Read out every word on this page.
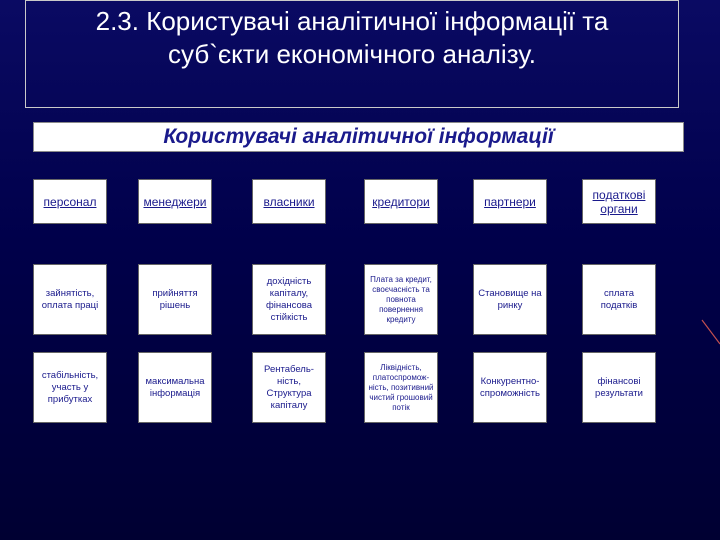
2.3. Користувачі аналітичної інформації та
суб`єкти економічного аналізу.
Користувачі аналітичної інформації
персонал
зайнятість, оплата праці
стабільність, участь у прибутках
менеджери
прийняття рішень
максимальна інформація
власники
дохідність капіталу, фінансова стійкість
Рентабель-ність, Структура капіталу
кредитори
Плата за кредит, своєчасність та повнота повернення кредиту
Ліквідність, платоспромож-ність, позитивний чистий грошовий потік
партнери
Становище на ринку
Конкурентно-спроможність
податкові органи
сплата податків
фінансові результати
